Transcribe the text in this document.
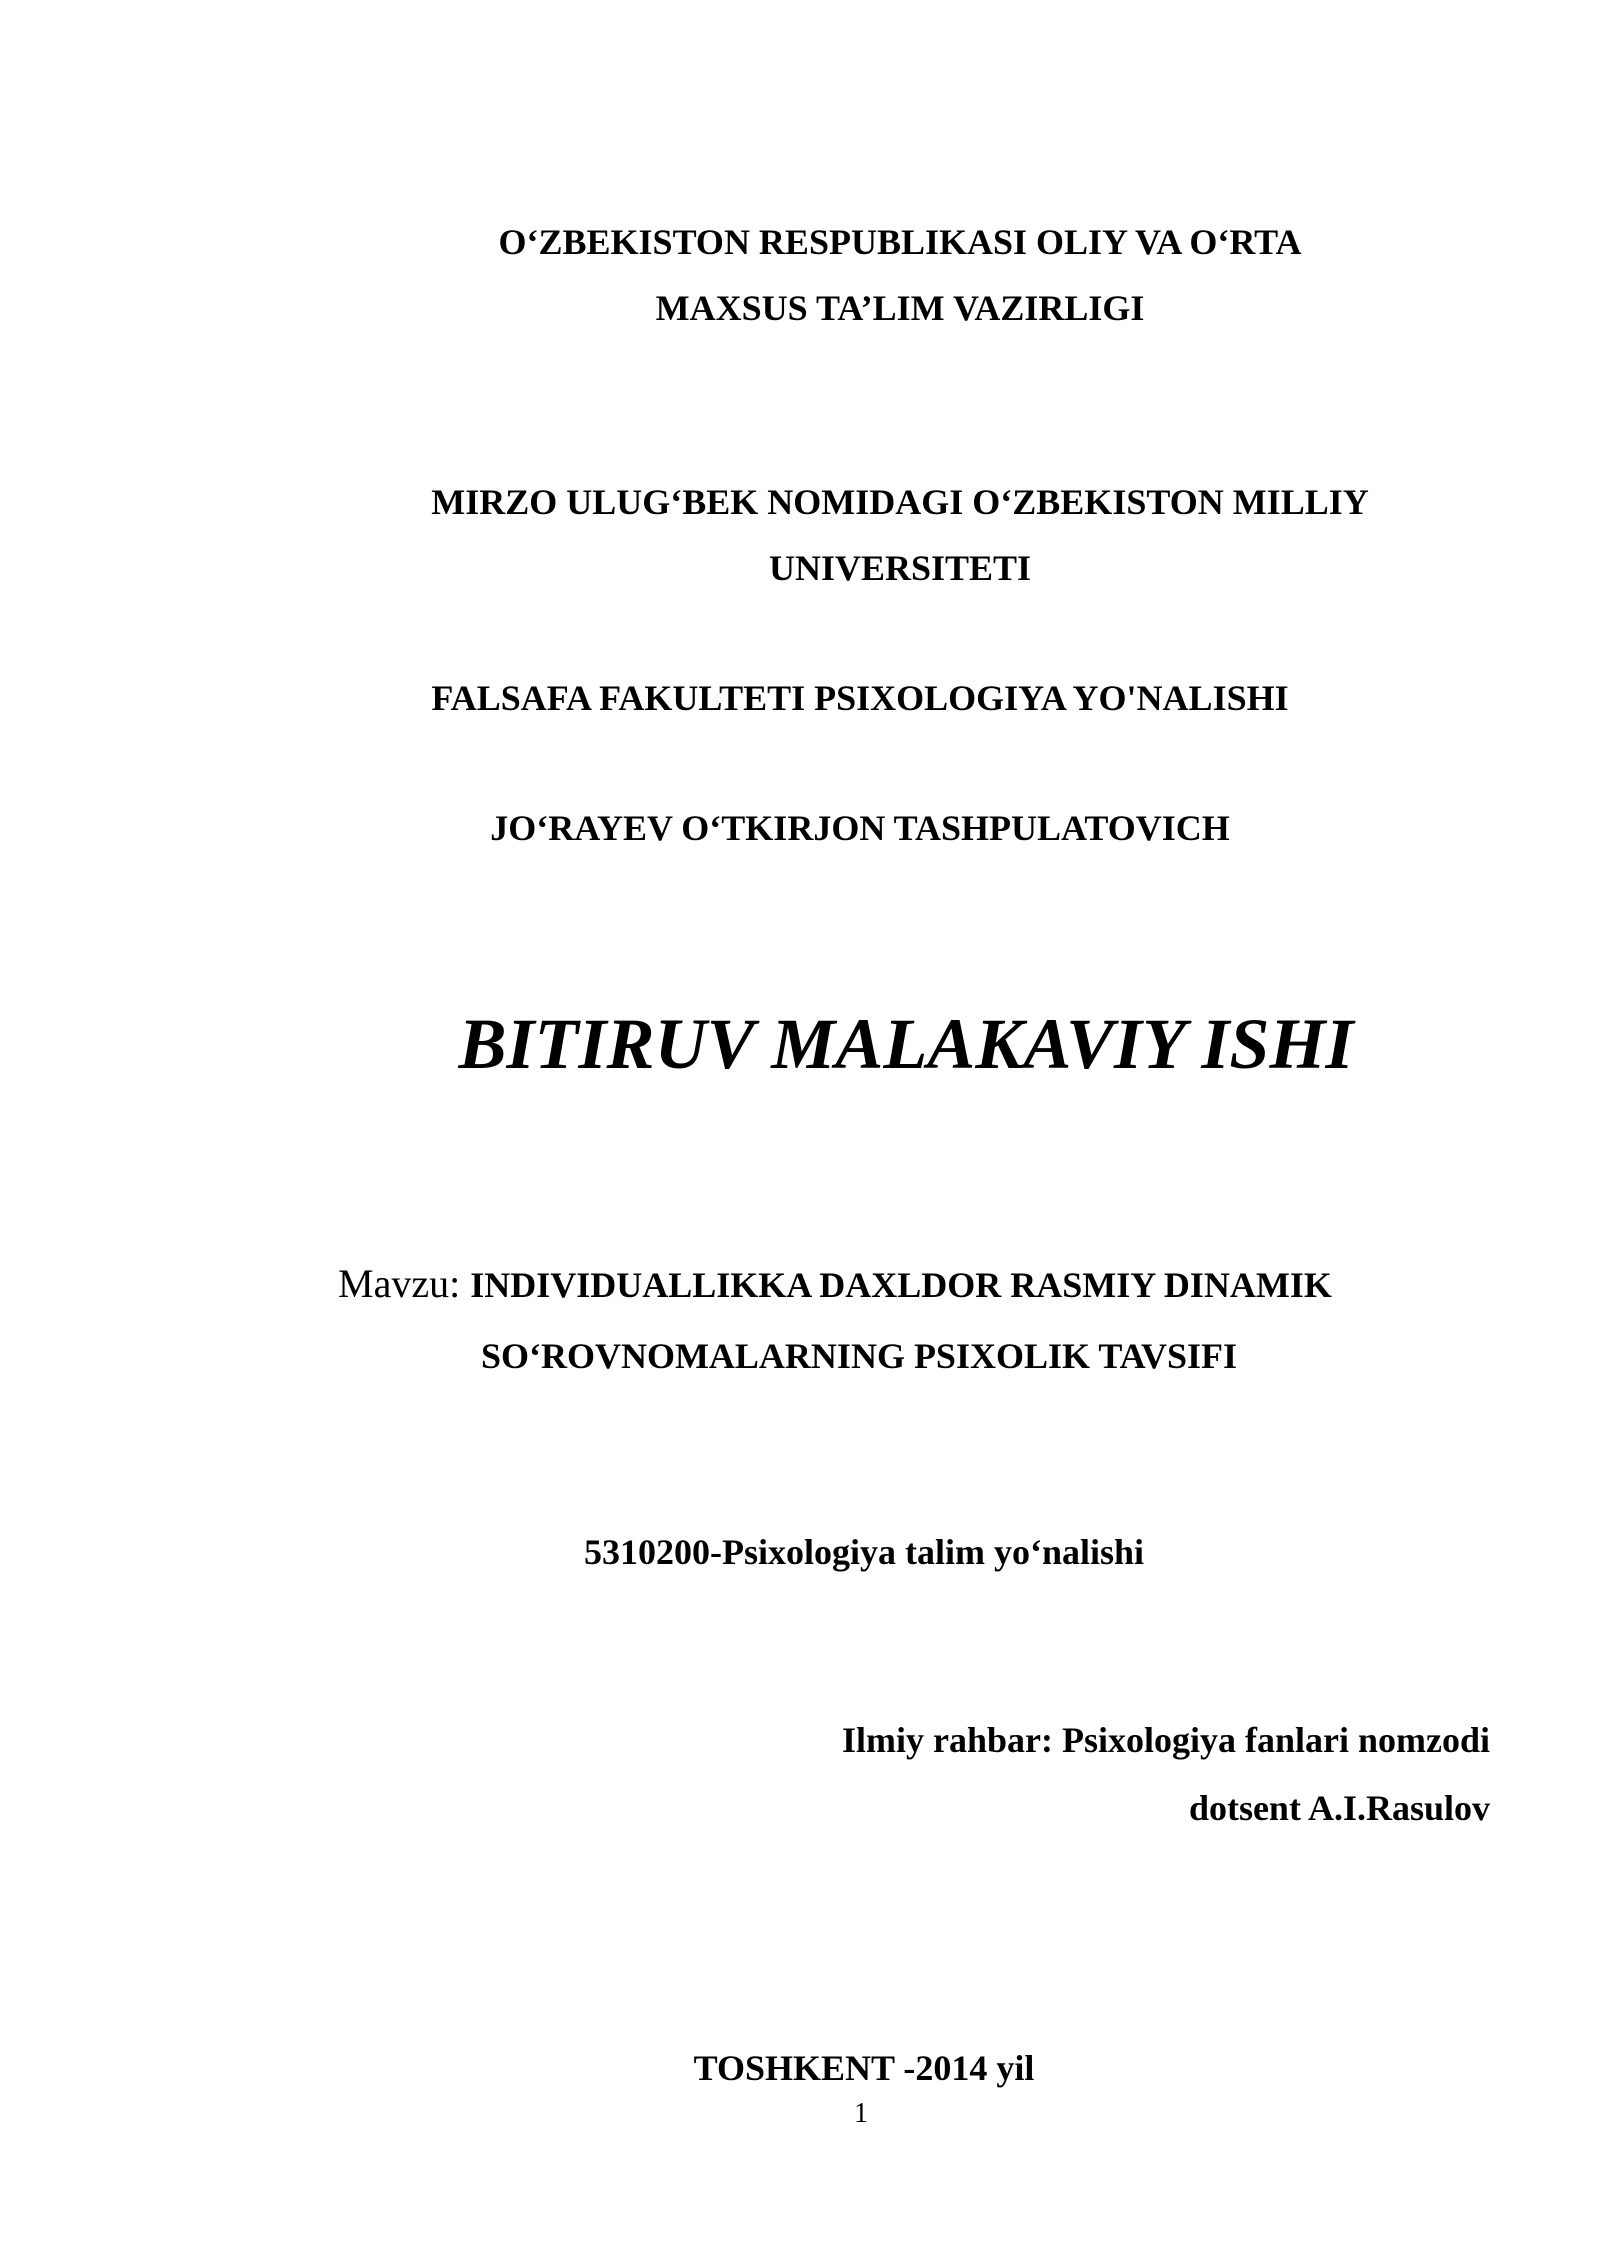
O‘ZBEKISTON RESPUBLIKASI OLIY VA O‘RTA
MAXSUS TA’LIM VAZIRLIGI
MIRZO ULUG‘BEK NOMIDAGI O‘ZBEKISTON MILLIY
UNIVERSITETI
FALSAFA FAKULTETI PSIXOLOGIYA YO'NALISHI
JO‘RAYEV O‘TKIRJON TASHPULATOVICH
BITIRUV MALAKAVIY ISHI
Mavzu: INDIVIDUALLIKKA DAXLDOR RASMIY DINAMIK
SO‘ROVNOMALARNING PSIXOLIK TAVSIFI
5310200-Psixologiya talim yo‘nalishi
Ilmiy rahbar: Psixologiya fanlari nomzodi
dotsent A.I.Rasulov
TOSHKENT -2014 yil
1
